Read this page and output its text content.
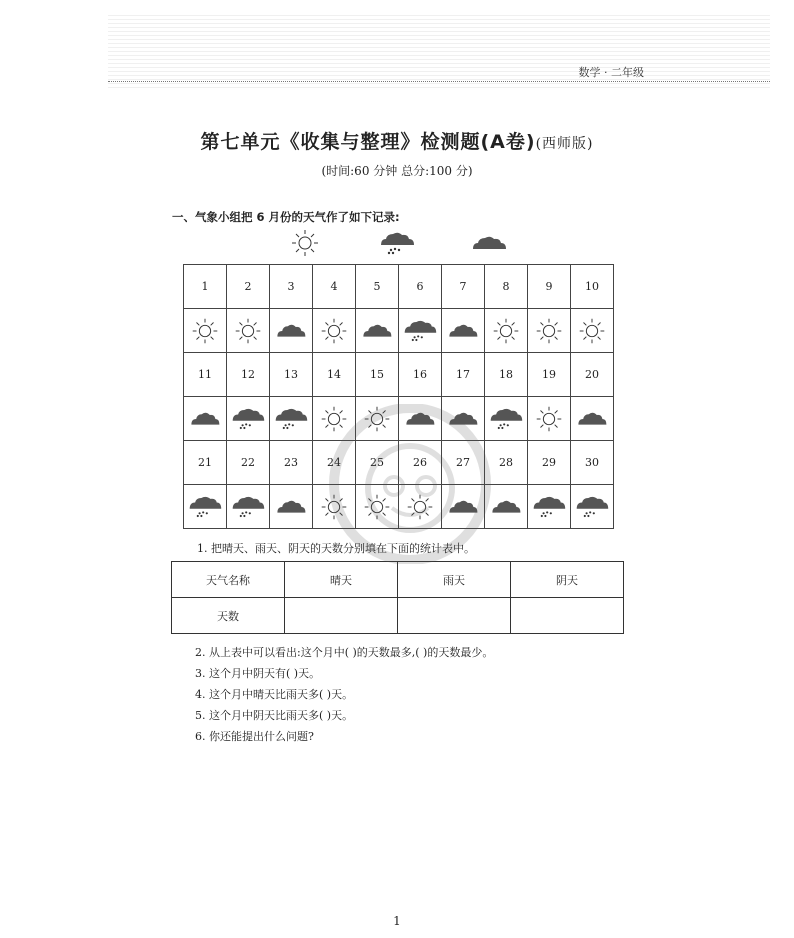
数学 · 二年级
第七单元《收集与整理》检测题(A卷)(西师版)
(时间:60 分钟 总分:100 分)
一、气象小组把 6 月份的天气作了如下记录:
1	2	3	4	5	6	7	8	9	10

11	12	13	14	15	16	17	18	19	20

21	22	23	24	25	26	27	28	29	30

1. 把晴天、雨天、阴天的天数分别填在下面的统计表中。
天气名称	晴天	雨天	阴天
天数			
2. 从上表中可以看出:这个月中( )的天数最多,( )的天数最少。
3. 这个月中阴天有( )天。
4. 这个月中晴天比雨天多( )天。
5. 这个月中阴天比雨天多( )天。
6. 你还能提出什么问题?
1
